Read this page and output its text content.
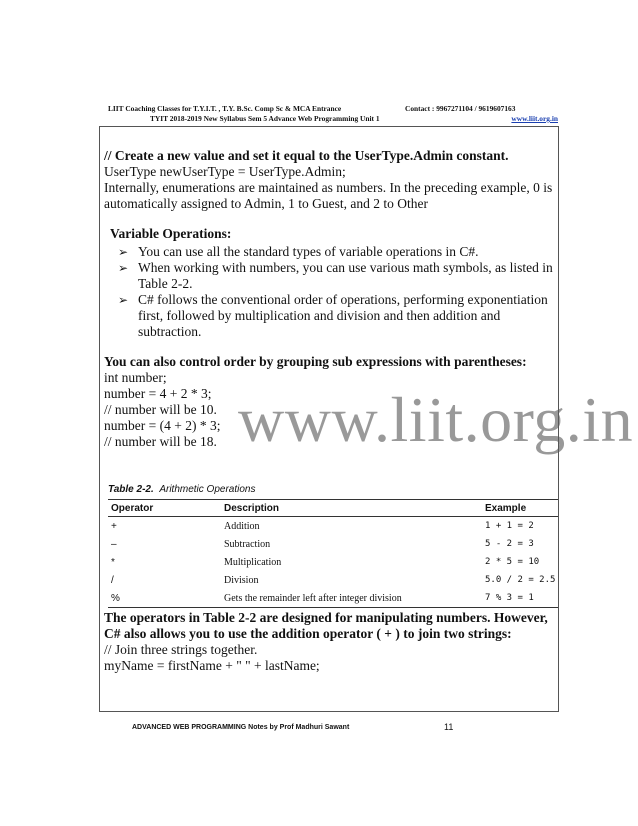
LIIT Coaching Classes for T.Y.I.T. , T.Y. B.Sc. Comp Sc & MCA Entrance	Contact : 9967271104 / 9619607163
TYIT 2018-2019 New Syllabus Sem 5 Advance Web Programming Unit 1	www.liit.org.in

// Create a new value and set it equal to the UserType.Admin constant.

UserType newUserType = UserType.Admin;

Internally, enumerations are maintained as numbers. In the preceding example, 0 is automatically assigned to Admin, 1 to Guest, and 2 to Other

Variable Operations:

➢ You can use all the standard types of variable operations in C#.
➢ When working with numbers, you can use various math symbols, as listed in Table 2-2.
➢ C# follows the conventional order of operations, performing exponentiation first, followed by multiplication and division and then addition and subtraction.

You can also control order by grouping sub expressions with parentheses:

int number;

number = 4 + 2 * 3;

// number will be 10.

number = (4 + 2) * 3;

// number will be 18. www.liit.org.in
Table 2-2. Arithmetic Operations
Operator	Description	Example
+	Addition	1 + 1 = 2
–	Subtraction	5 - 2 = 3
*	Multiplication	2 * 5 = 10
/	Division	5.0 / 2 = 2.5
%	Gets the remainder left after integer division	7 % 3 = 1

The operators in Table 2-2 are designed for manipulating numbers. However, C# also allows you to use the addition operator ( + ) to join two strings:

// Join three strings together.

myName = firstName + " " + lastName;

ADVANCED WEB PROGRAMMING Notes by Prof Madhuri Sawant	11
